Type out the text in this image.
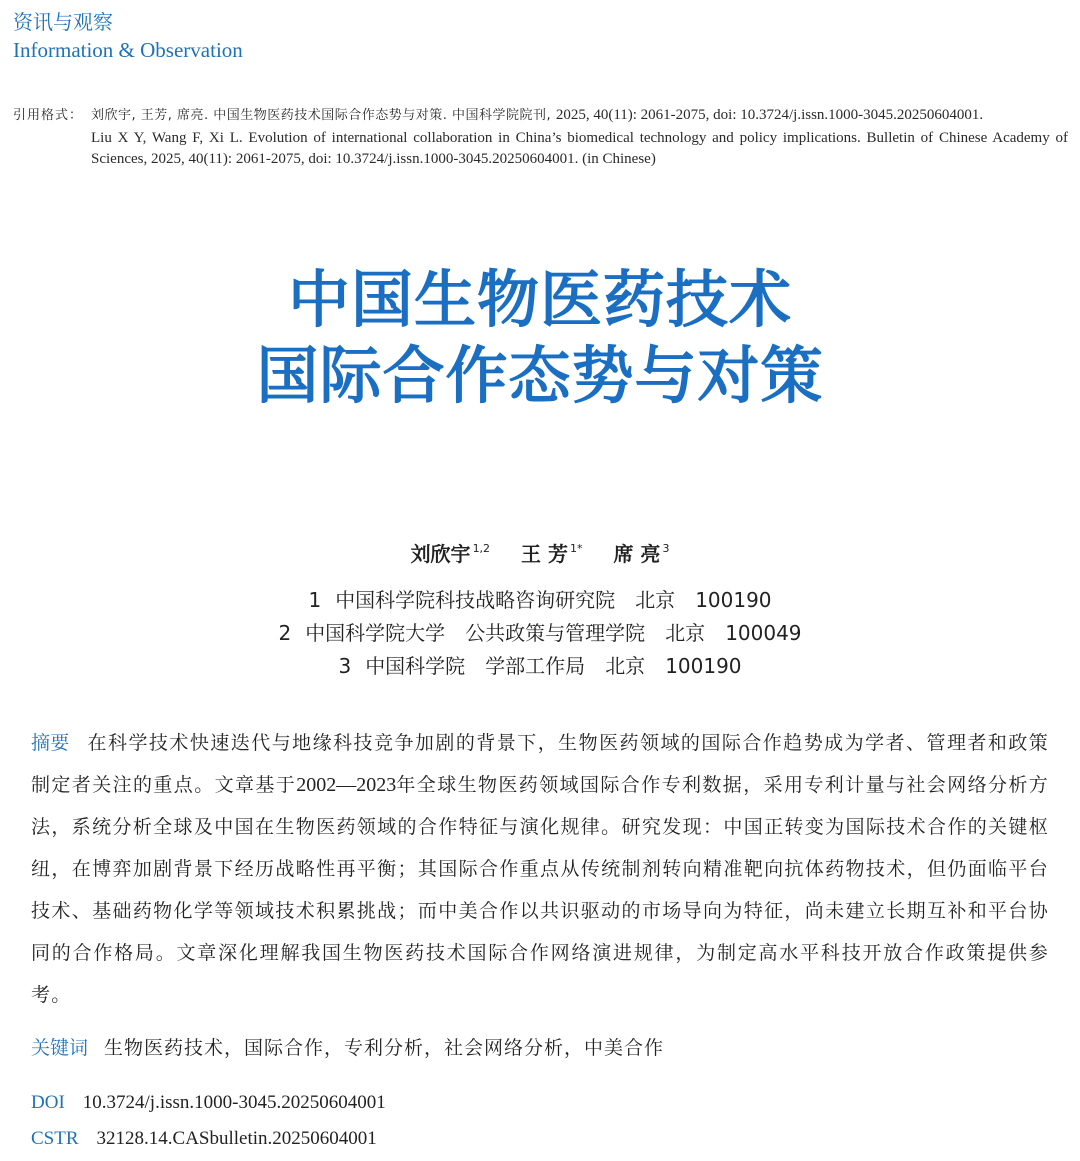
资讯与观察
Information & Observation
引用格式： 刘欣宇, 王芳, 席亮. 中国生物医药技术国际合作态势与对策. 中国科学院院刊, 2025, 40(11): 2061-2075, doi: 10.3724/j.issn.1000-3045.20250604001.
Liu X Y, Wang F, Xi L. Evolution of international collaboration in China’s biomedical technology and policy implications. Bulletin of Chinese Academy of Sciences, 2025, 40(11): 2061-2075, doi: 10.3724/j.issn.1000-3045.20250604001. (in Chinese)
中国生物医药技术
国际合作态势与对策
刘欣宇 $^{1,2}$ 王 芳 $^{1*}$ 席 亮 $^3$
1 中国科学院科技战略咨询研究院 北京 100190
2 中国科学院大学 公共政策与管理学院 北京 100049
3 中国科学院 学部工作局 北京 100190
摘要 在科学技术快速迭代与地缘科技竞争加剧的背景下，生物医药领域的国际合作趋势成为学者、管理者和政策制定者关注的重点。文章基于2002—2023年全球生物医药领域国际合作专利数据，采用专利计量与社会网络分析方法，系统分析全球及中国在生物医药领域的合作特征与演化规律。研究发现：中国正转变为国际技术合作的关键枢纽，在博弈加剧背景下经历战略性再平衡；其国际合作重点从传统制剂转向精准靶向抗体药物技术，但仍面临平台技术、基础药物化学等领域技术积累挑战；而中美合作以共识驱动的市场导向为特征，尚未建立长期互补和平台协同的合作格局。文章深化理解我国生物医药技术国际合作网络演进规律，为制定高水平科技开放合作政策提供参考。
关键词 生物医药技术，国际合作，专利分析，社会网络分析，中美合作
DOI 10.3724/j.issn.1000-3045.20250604001
CSTR 32128.14.CASbulletin.20250604001
